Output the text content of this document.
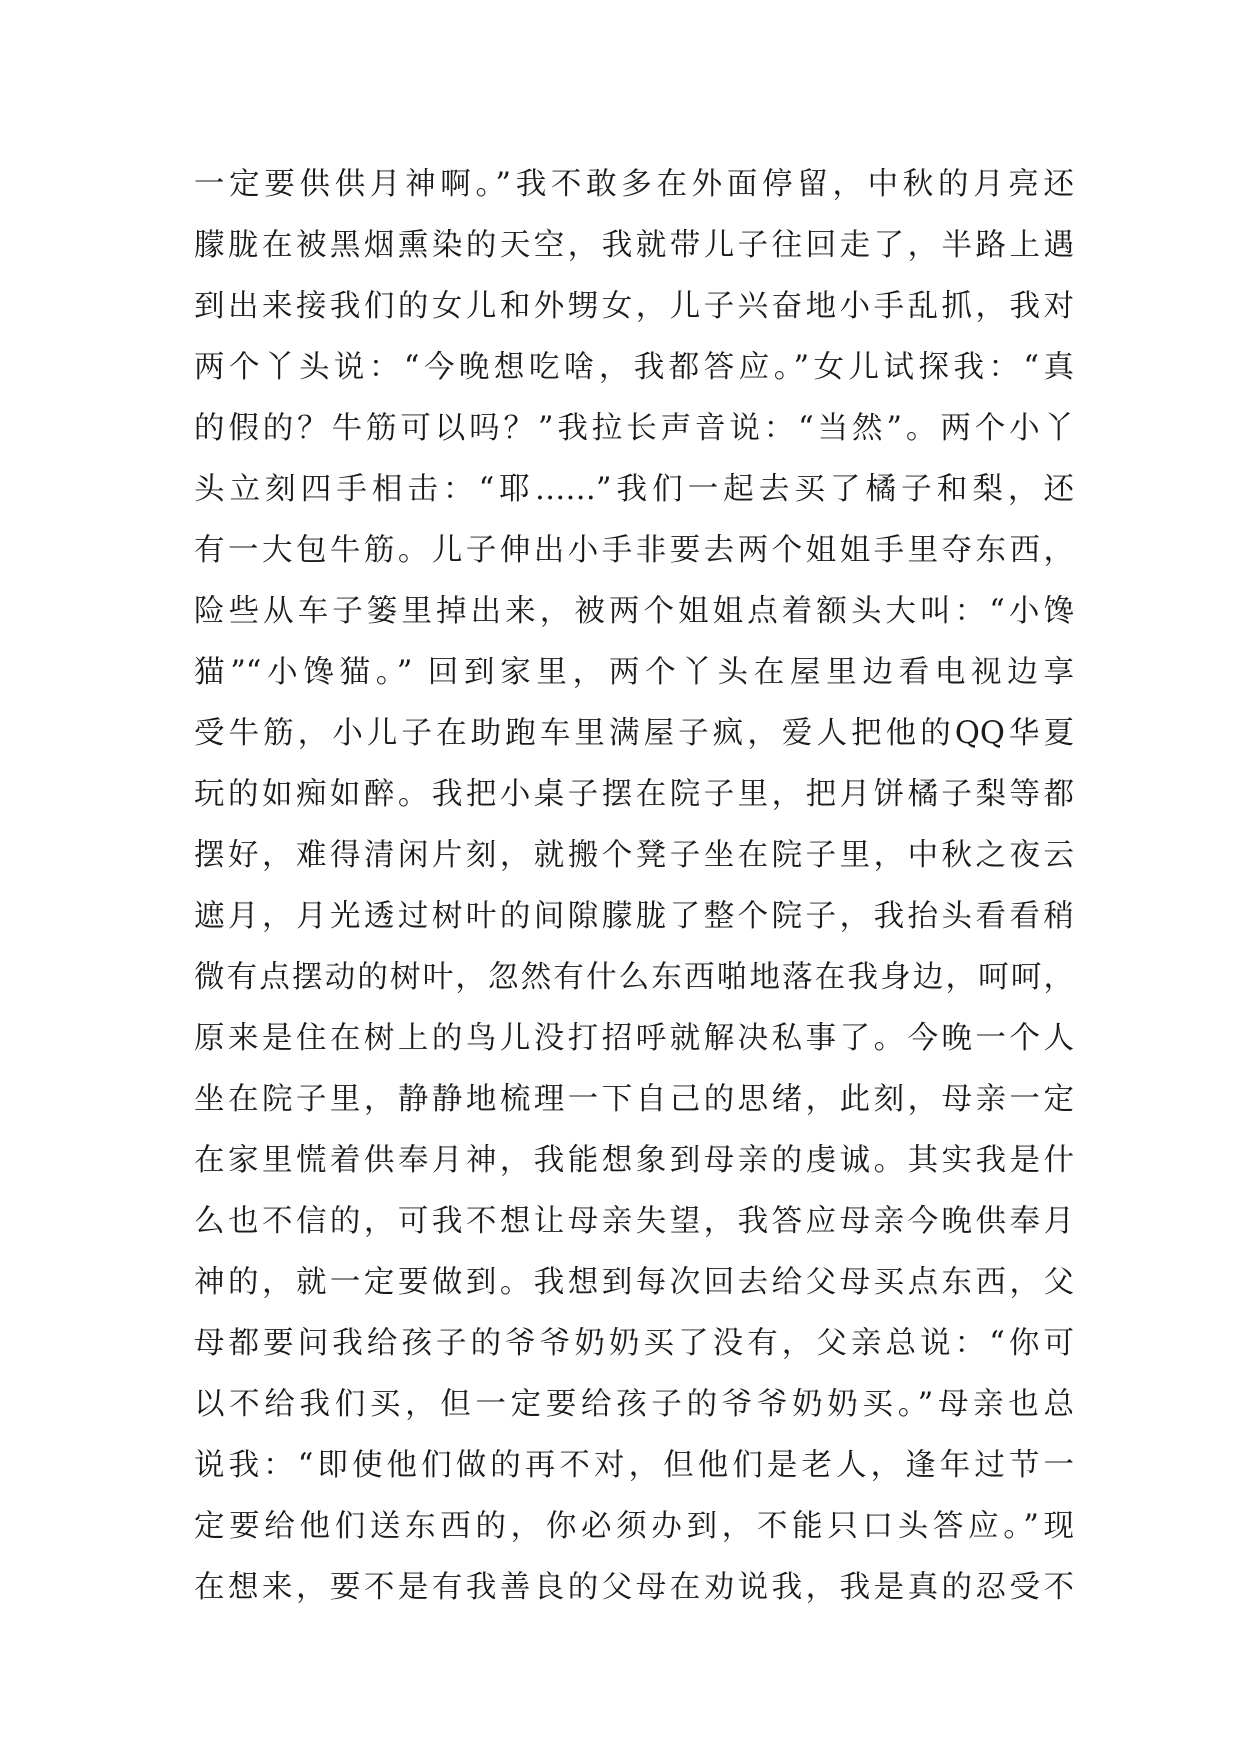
一定要供供月神啊。”我不敢多在外面停留，中秋的月亮还
朦胧在被黑烟熏染的天空，我就带儿子往回走了，半路上遇
到出来接我们的女儿和外甥女，儿子兴奋地小手乱抓，我对
两个丫头说：“今晚想吃啥，我都答应。”女儿试探我：“真
的假的？牛筋可以吗？”我拉长声音说：“当然”。两个小丫
头立刻四手相击：“耶……”我们一起去买了橘子和梨，还
有一大包牛筋。儿子伸出小手非要去两个姐姐手里夺东西，
险些从车子篓里掉出来，被两个姐姐点着额头大叫：“小馋
猫”“小馋猫。” 回到家里，两个丫头在屋里边看电视边享
受牛筋，小儿子在助跑车里满屋子疯，爱人把他的QQ华夏
玩的如痴如醉。我把小桌子摆在院子里，把月饼橘子梨等都
摆好，难得清闲片刻，就搬个凳子坐在院子里，中秋之夜云
遮月，月光透过树叶的间隙朦胧了整个院子，我抬头看看稍
微有点摆动的树叶，忽然有什么东西啪地落在我身边，呵呵，
原来是住在树上的鸟儿没打招呼就解决私事了。今晚一个人
坐在院子里，静静地梳理一下自己的思绪，此刻，母亲一定
在家里慌着供奉月神，我能想象到母亲的虔诚。其实我是什
么也不信的，可我不想让母亲失望，我答应母亲今晚供奉月
神的，就一定要做到。我想到每次回去给父母买点东西，父
母都要问我给孩子的爷爷奶奶买了没有，父亲总说：“你可
以不给我们买，但一定要给孩子的爷爷奶奶买。”母亲也总
说我：“即使他们做的再不对，但他们是老人，逢年过节一
定要给他们送东西的，你必须办到，不能只口头答应。”现
在想来，要不是有我善良的父母在劝说我，我是真的忍受不
